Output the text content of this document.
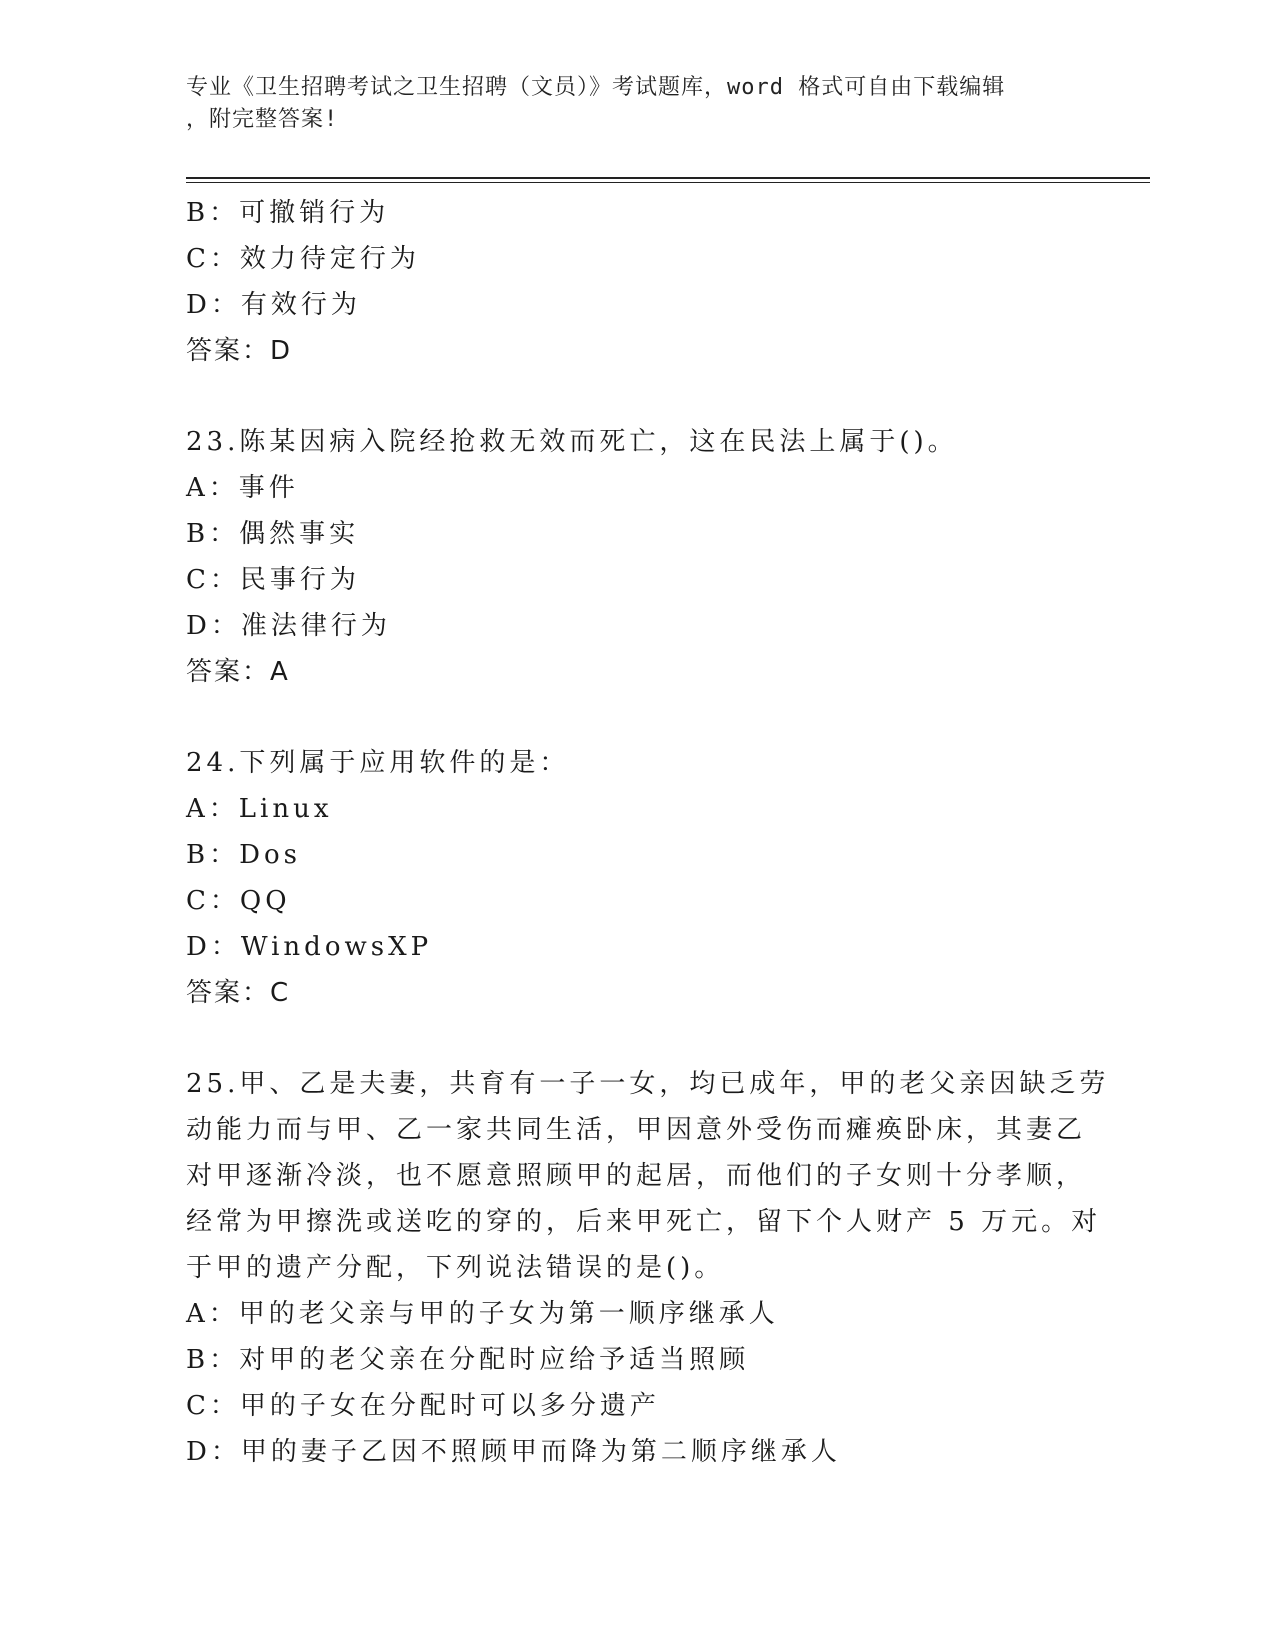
专业《卫生招聘考试之卫生招聘（文员）》考试题库，word 格式可自由下载编辑
，附完整答案!
B：可撤销行为
C：效力待定行为
D：有效行为
答案：D
23.陈某因病入院经抢救无效而死亡，这在民法上属于()。
A：事件
B：偶然事实
C：民事行为
D：准法律行为
答案：A
24.下列属于应用软件的是：
A：Linux
B：Dos
C：QQ
D：WindowsXP
答案：C
25.甲、乙是夫妻，共育有一子一女，均已成年，甲的老父亲因缺乏劳
动能力而与甲、乙一家共同生活，甲因意外受伤而瘫痪卧床，其妻乙
对甲逐渐冷淡，也不愿意照顾甲的起居，而他们的子女则十分孝顺，
经常为甲擦洗或送吃的穿的，后来甲死亡，留下个人财产 5 万元。对
于甲的遗产分配，下列说法错误的是()。
A：甲的老父亲与甲的子女为第一顺序继承人
B：对甲的老父亲在分配时应给予适当照顾
C：甲的子女在分配时可以多分遗产
D：甲的妻子乙因不照顾甲而降为第二顺序继承人
